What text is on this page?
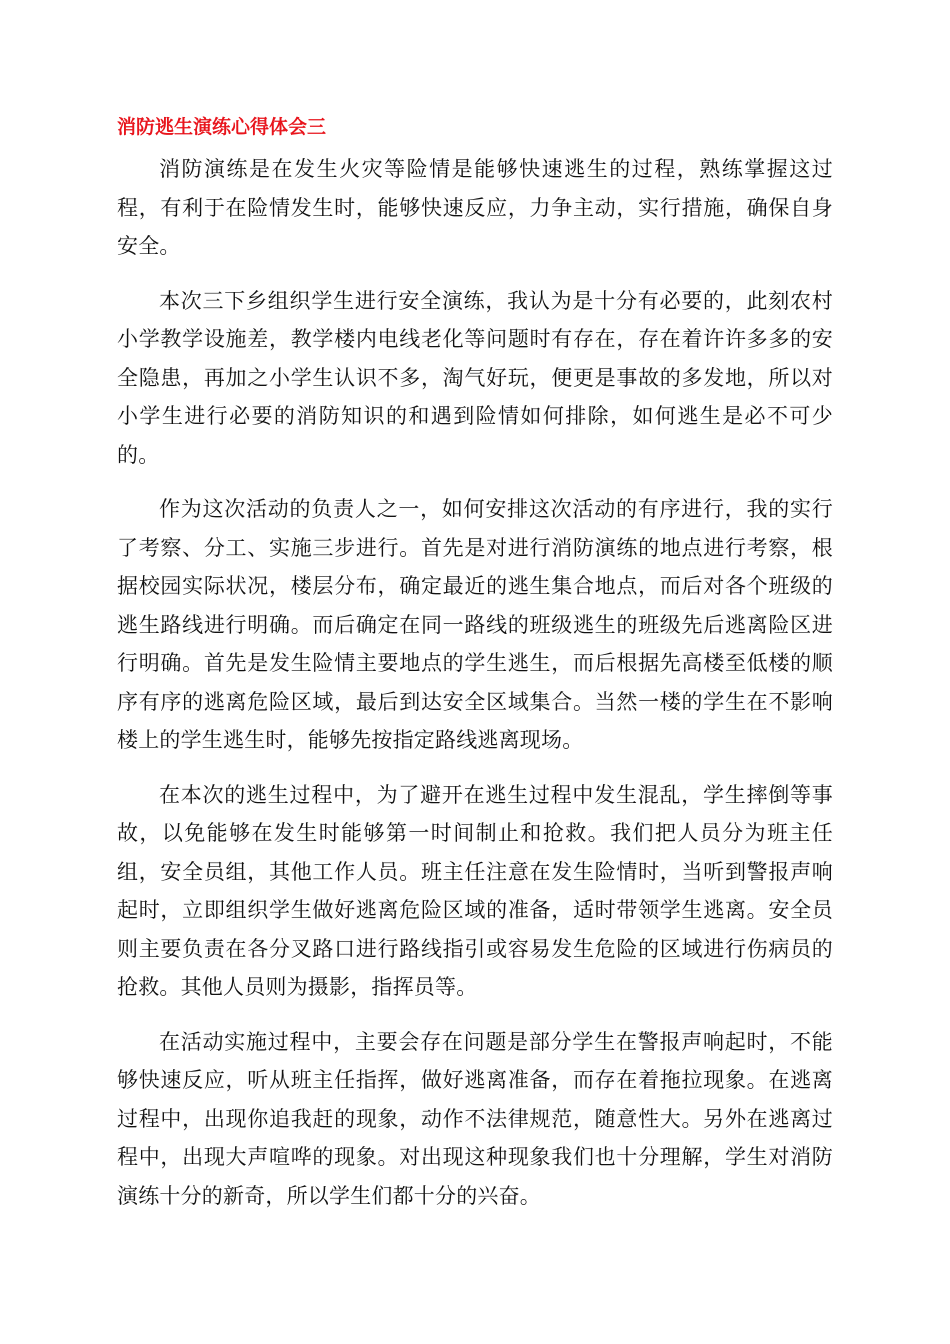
消防逃生演练心得体会三

消防演练是在发生火灾等险情是能够快速逃生的过程，熟练掌握这过程，有利于在险情发生时，能够快速反应，力争主动，实行措施，确保自身安全。

本次三下乡组织学生进行安全演练，我认为是十分有必要的，此刻农村小学教学设施差，教学楼内电线老化等问题时有存在，存在着许许多多的安全隐患，再加之小学生认识不多，淘气好玩，便更是事故的多发地，所以对小学生进行必要的消防知识的和遇到险情如何排除，如何逃生是必不可少的。

作为这次活动的负责人之一，如何安排这次活动的有序进行，我的实行了考察、分工、实施三步进行。首先是对进行消防演练的地点进行考察，根据校园实际状况，楼层分布，确定最近的逃生集合地点，而后对各个班级的逃生路线进行明确。而后确定在同一路线的班级逃生的班级先后逃离险区进行明确。首先是发生险情主要地点的学生逃生，而后根据先高楼至低楼的顺序有序的逃离危险区域，最后到达安全区域集合。当然一楼的学生在不影响楼上的学生逃生时，能够先按指定路线逃离现场。

在本次的逃生过程中，为了避开在逃生过程中发生混乱，学生摔倒等事故，以免能够在发生时能够第一时间制止和抢救。我们把人员分为班主任组，安全员组，其他工作人员。班主任注意在发生险情时，当听到警报声响起时，立即组织学生做好逃离危险区域的准备，适时带领学生逃离。安全员则主要负责在各分叉路口进行路线指引或容易发生危险的区域进行伤病员的抢救。其他人员则为摄影，指挥员等。

在活动实施过程中，主要会存在问题是部分学生在警报声响起时，不能够快速反应，听从班主任指挥，做好逃离准备，而存在着拖拉现象。在逃离过程中，出现你追我赶的现象，动作不法律规范，随意性大。另外在逃离过程中，出现大声喧哗的现象。对出现这种现象我们也十分理解，学生对消防演练十分的新奇，所以学生们都十分的兴奋。
